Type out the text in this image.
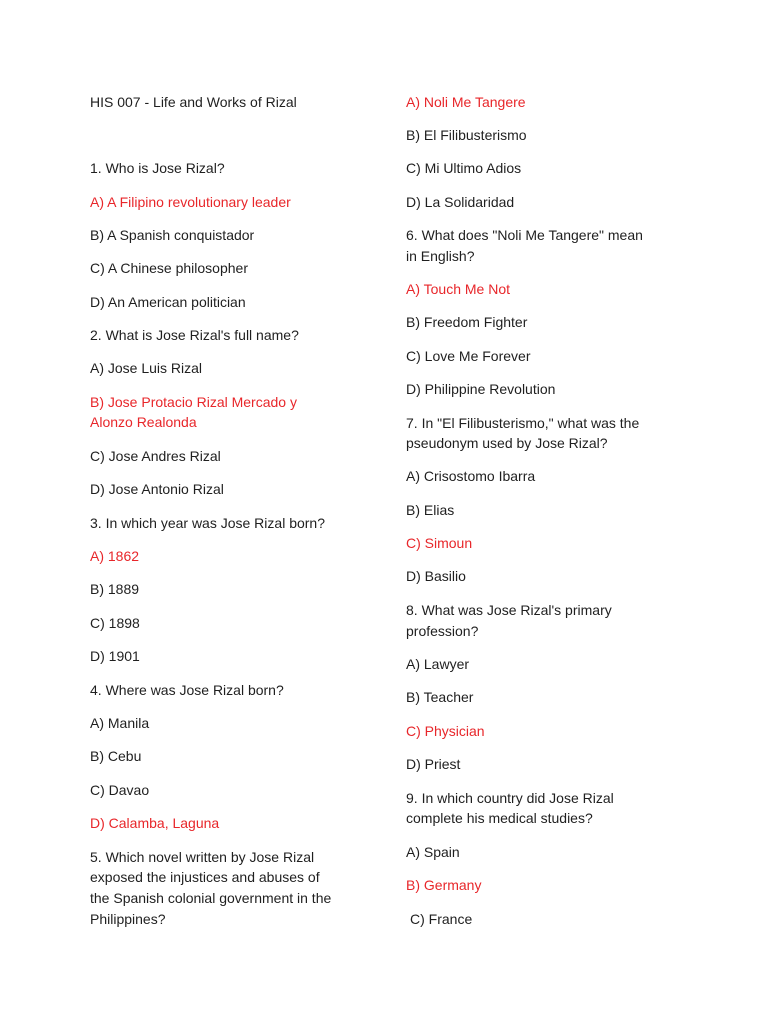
HIS 007 - Life and Works of Rizal
1. Who is Jose Rizal?
A) A Filipino revolutionary leader
B) A Spanish conquistador
C) A Chinese philosopher
D) An American politician
2. What is Jose Rizal's full name?
A) Jose Luis Rizal
B) Jose Protacio Rizal Mercado y
Alonzo Realonda
C) Jose Andres Rizal
D) Jose Antonio Rizal
3. In which year was Jose Rizal born?
A) 1862
B) 1889
C) 1898
D) 1901
4. Where was Jose Rizal born?
A) Manila
B) Cebu
C) Davao
D) Calamba, Laguna
5. Which novel written by Jose Rizal
exposed the injustices and abuses of
the Spanish colonial government in the
Philippines?
A) Noli Me Tangere
B) El Filibusterismo
C) Mi Ultimo Adios
D) La Solidaridad
6. What does "Noli Me Tangere" mean
in English?
A) Touch Me Not
B) Freedom Fighter
C) Love Me Forever
D) Philippine Revolution
7. In "El Filibusterismo," what was the
pseudonym used by Jose Rizal?
A) Crisostomo Ibarra
B) Elias
C) Simoun
D) Basilio
8. What was Jose Rizal's primary
profession?
A) Lawyer
B) Teacher
C) Physician
D) Priest
9. In which country did Jose Rizal
complete his medical studies?
A) Spain
B) Germany
C) France
